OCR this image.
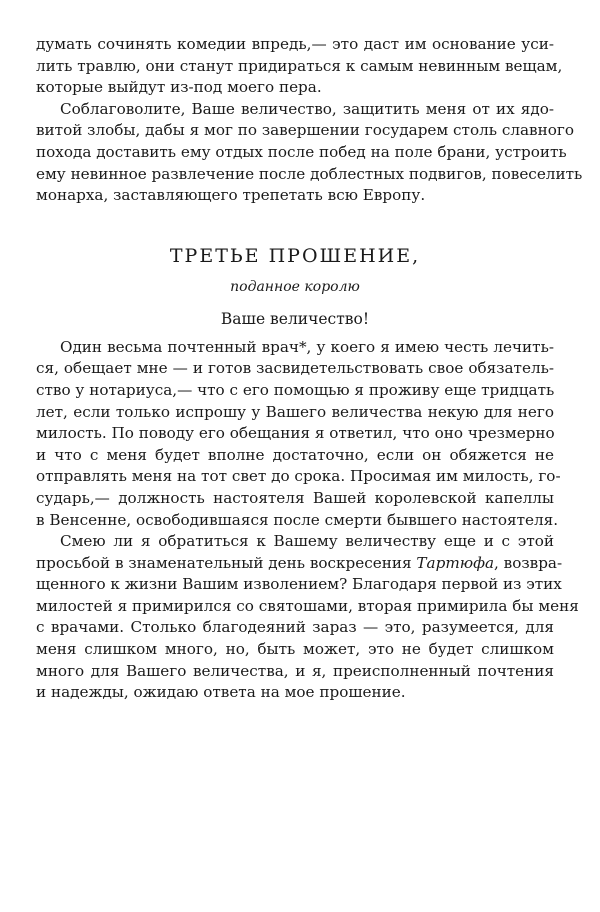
думать сочинять комедии впредь,— это даст им основание уси-
лить травлю, они станут придираться к самым невинным вещам,
которые выйдут из-под моего пера.
Соблаговолите, Ваше величество, защитить меня от их ядо-
витой злобы, дабы я мог по завершении государем столь славного
похода доставить ему отдых после побед на поле брани, устроить
ему невинное развлечение после доблестных подвигов, повеселить
монарха, заставляющего трепетать всю Европу.
ТРЕТЬЕ ПРОШЕНИЕ,
поданное королю
Ваше величество!
Один весьма почтенный врач*, у коего я имею честь лечить-
ся, обещает мне — и готов засвидетельствовать свое обязатель-
ство у нотариуса,— что с его помощью я проживу еще тридцать
лет, если только испрошу у Вашего величества некую для него
милость. По поводу его обещания я ответил, что оно чрезмерно
и что с меня будет вполне достаточно, если он обяжется не
отправлять меня на тот свет до срока. Просимая им милость, го-
сударь,— должность настоятеля Вашей королевской капеллы
в Венсенне, освободившаяся после смерти бывшего настоятеля.
Смею ли я обратиться к Вашему величеству еще и с этой
просьбой в знаменательный день воскресения Тартюфа, возвра-
щенного к жизни Вашим изволением? Благодаря первой из этих
милостей я примирился со святошами, вторая примирила бы меня
с врачами. Столько благодеяний зараз — это, разумеется, для
меня слишком много, но, быть может, это не будет слишком
много для Вашего величества, и я, преисполненный почтения
и надежды, ожидаю ответа на мое прошение.
